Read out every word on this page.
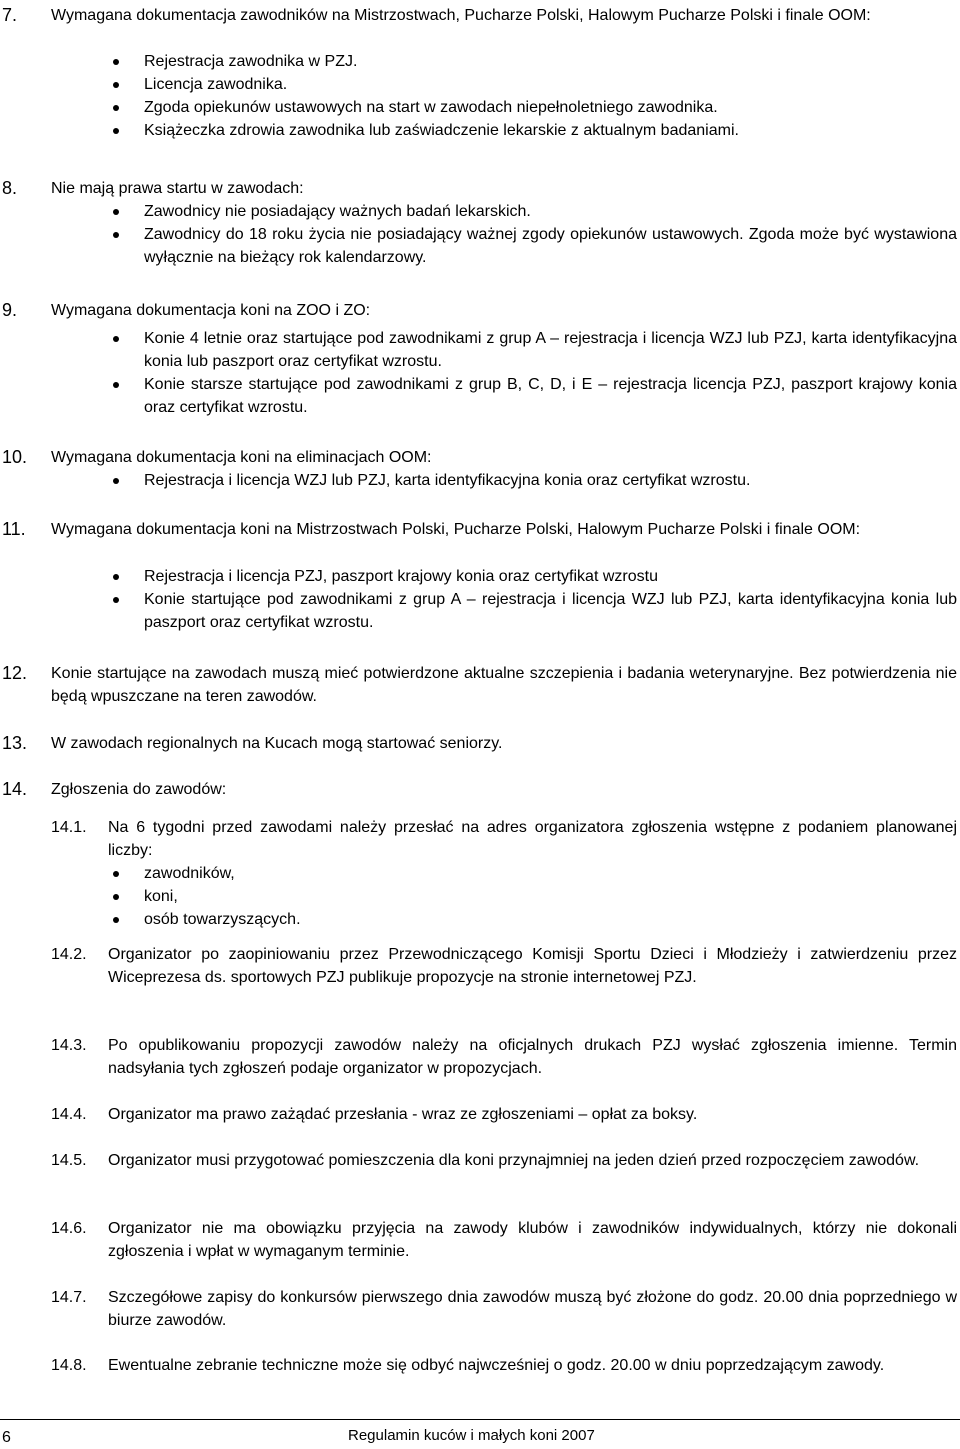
7. Wymagana dokumentacja zawodników na Mistrzostwach, Pucharze Polski, Halowym Pucharze Polski i finale OOM:
Rejestracja zawodnika w PZJ.
Licencja zawodnika.
Zgoda opiekunów ustawowych na start w zawodach niepełnoletniego zawodnika.
Książeczka zdrowia zawodnika lub zaświadczenie lekarskie z aktualnym badaniami.
8. Nie mają prawa startu w zawodach:
Zawodnicy nie posiadający ważnych badań lekarskich.
Zawodnicy do 18 roku życia nie posiadający ważnej zgody opiekunów ustawowych. Zgoda może być wystawiona wyłącznie na bieżący rok kalendarzowy.
9. Wymagana dokumentacja koni na ZOO i ZO:
Konie 4 letnie oraz startujące pod zawodnikami z grup A – rejestracja i licencja WZJ lub PZJ, karta identyfikacyjna konia lub paszport oraz certyfikat wzrostu.
Konie starsze startujące pod zawodnikami z grup B, C, D, i E – rejestracja licencja PZJ, paszport krajowy konia oraz certyfikat wzrostu.
10. Wymagana dokumentacja koni na eliminacjach OOM:
Rejestracja i licencja WZJ lub PZJ, karta identyfikacyjna konia oraz certyfikat wzrostu.
11. Wymagana dokumentacja koni na Mistrzostwach Polski, Pucharze Polski, Halowym Pucharze Polski i finale OOM:
Rejestracja i licencja PZJ, paszport krajowy konia oraz certyfikat wzrostu
Konie startujące pod zawodnikami z grup A – rejestracja i licencja WZJ lub PZJ, karta identyfikacyjna konia lub paszport oraz certyfikat wzrostu.
12. Konie startujące na zawodach muszą mieć potwierdzone aktualne szczepienia i badania weterynaryjne. Bez potwierdzenia nie będą wpuszczane na teren zawodów.
13. W zawodach regionalnych na Kucach mogą startować seniorzy.
14. Zgłoszenia do zawodów:
14.1.	Na 6 tygodni przed zawodami należy przesłać na adres organizatora zgłoszenia wstępne z podaniem planowanej liczby:
zawodników,
koni,
osób towarzyszących.
14.2.	Organizator po zaopiniowaniu przez Przewodniczącego Komisji Sportu Dzieci i Młodzieży i zatwierdzeniu przez Wiceprezesa ds. sportowych PZJ publikuje propozycje na stronie internetowej PZJ.
14.3.	Po opublikowaniu propozycji zawodów należy na oficjalnych drukach PZJ wysłać zgłoszenia imienne. Termin nadsyłania tych zgłoszeń podaje organizator w propozycjach.
14.4.	Organizator ma prawo zażądać przesłania - wraz ze zgłoszeniami – opłat za boksy.
14.5.	Organizator musi przygotować pomieszczenia dla koni przynajmniej na jeden dzień przed rozpoczęciem zawodów.
14.6.	Organizator nie ma obowiązku przyjęcia na zawody klubów i zawodników indywidualnych, którzy nie dokonali zgłoszenia i wpłat w wymaganym terminie.
14.7.	Szczegółowe zapisy do konkursów pierwszego dnia zawodów muszą być złożone do godz. 20.00 dnia poprzedniego w biurze zawodów.
14.8.	Ewentualne zebranie techniczne może się odbyć najwcześniej o godz. 20.00 w dniu poprzedzającym zawody.
6	Regulamin kuców i małych koni 2007
